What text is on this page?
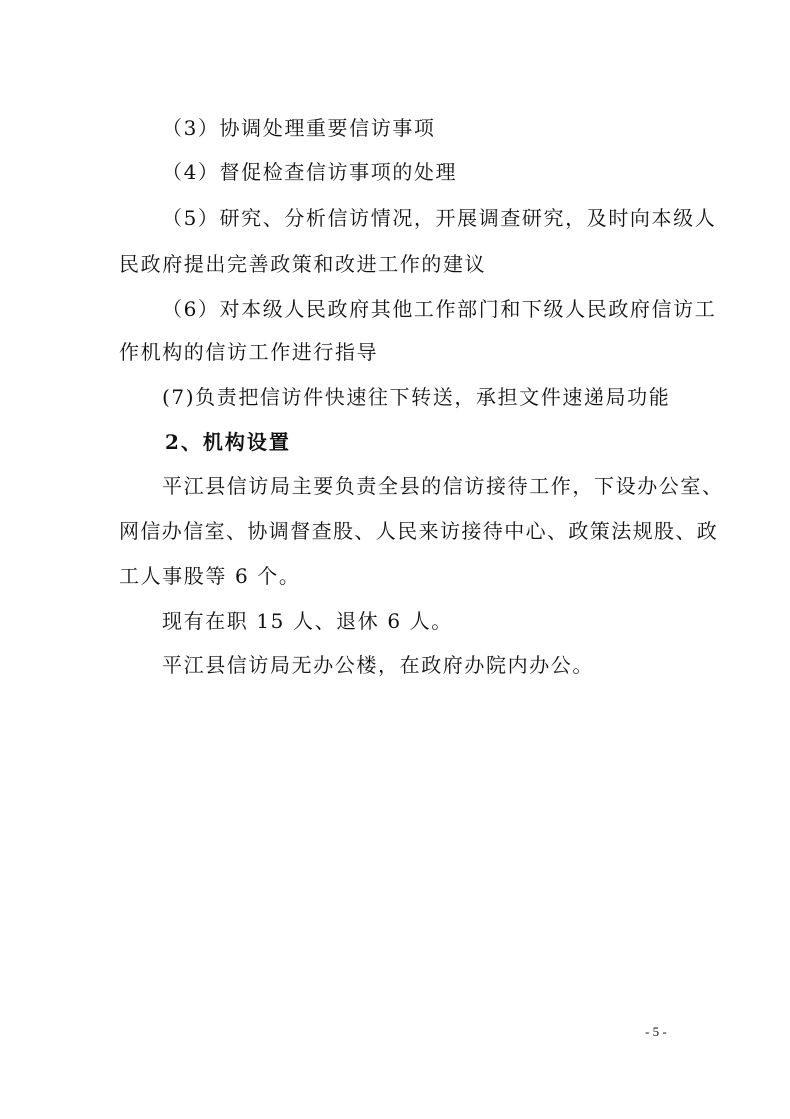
（3）协调处理重要信访事项
（4）督促检查信访事项的处理
（5）研究、分析信访情况，开展调查研究，及时向本级人
民政府提出完善政策和改进工作的建议
（6）对本级人民政府其他工作部门和下级人民政府信访工
作机构的信访工作进行指导
(7)负责把信访件快速往下转送，承担文件速递局功能
2、机构设置
平江县信访局主要负责全县的信访接待工作，下设办公室、
网信办信室、协调督查股、人民来访接待中心、政策法规股、政
工人事股等 6 个。
现有在职 15 人、退休 6 人。
平江县信访局无办公楼，在政府办院内办公。
- 5 -
